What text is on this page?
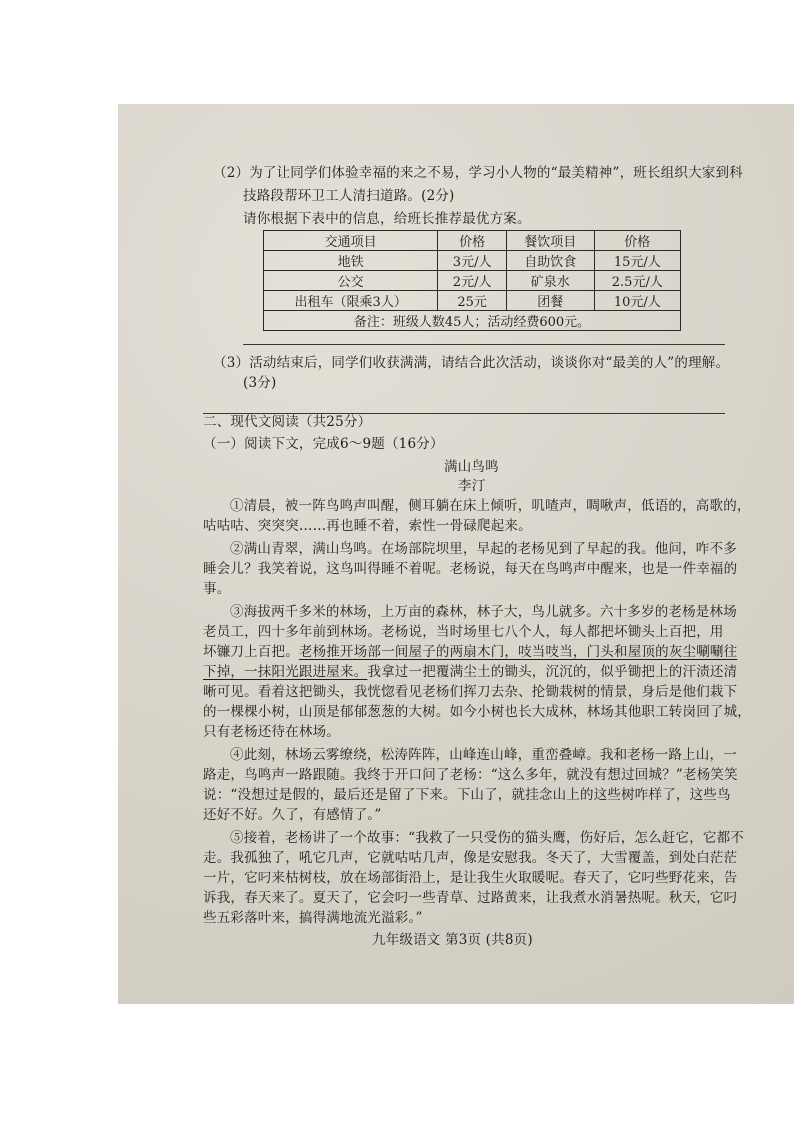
（2）为了让同学们体验幸福的来之不易，学习小人物的“最美精神”，班长组织大家到科
技路段帮环卫工人清扫道路。(2分)
请你根据下表中的信息，给班长推荐最优方案。
交通项目	价格	餐饮项目	价格
地铁	3元/人	自助饮食	15元/人
公交	2元/人	矿泉水	2.5元/人
出租车（限乘3人）	25元	团餐	10元/人
备注：班级人数45人；活动经费600元。			
（3）活动结束后，同学们收获满满，请结合此次活动，谈谈你对“最美的人”的理解。
(3分)
二、现代文阅读（共25分）
（一）阅读下文，完成6～9题（16分）
满山鸟鸣
李汀
①清晨，被一阵鸟鸣声叫醒，侧耳躺在床上倾听，叽喳声，啁啾声，低语的，高歌的，
咕咕咕、突突突……再也睡不着，索性一骨碌爬起来。
②满山青翠，满山鸟鸣。在场部院坝里，早起的老杨见到了早起的我。他问，咋不多
睡会儿？我笑着说，这鸟叫得睡不着呢。老杨说，每天在鸟鸣声中醒来，也是一件幸福的
事。
③海拔两千多米的林场，上万亩的森林，林子大，鸟儿就多。六十多岁的老杨是林场
老员工，四十多年前到林场。老杨说，当时场里七八个人，每人都把坏锄头上百把，用
坏镰刀上百把。老杨推开场部一间屋子的两扇木门，吱当吱当，门头和屋顶的灰尘唰唰往
下掉，一抹阳光跟进屋来。我拿过一把覆满尘土的锄头，沉沉的，似乎锄把上的汗渍还清
晰可见。看着这把锄头，我恍惚看见老杨们挥刀去杂、抡锄栽树的情景，身后是他们栽下
的一棵棵小树，山顶是郁郁葱葱的大树。如今小树也长大成林，林场其他职工转岗回了城，
只有老杨还待在林场。
④此刻，林场云雾缭绕，松涛阵阵，山峰连山峰，重峦叠嶂。我和老杨一路上山，一
路走，鸟鸣声一路跟随。我终于开口问了老杨：“这么多年，就没有想过回城？”老杨笑笑
说：“没想过是假的，最后还是留了下来。下山了，就挂念山上的这些树咋样了，这些鸟
还好不好。久了，有感情了。”
⑤接着，老杨讲了一个故事：“我救了一只受伤的猫头鹰，伤好后，怎么赶它，它都不
走。我孤独了，吼它几声，它就咕咕几声，像是安慰我。冬天了，大雪覆盖，到处白茫茫
一片，它叼来枯树枝，放在场部街沿上，是让我生火取暖呢。春天了，它叼些野花来，告
诉我，春天来了。夏天了，它会叼一些青草、过路黄来，让我煮水消暑热呢。秋天，它叼
些五彩落叶来，搞得满地流光溢彩。”
九年级语文 第3页 (共8页)
